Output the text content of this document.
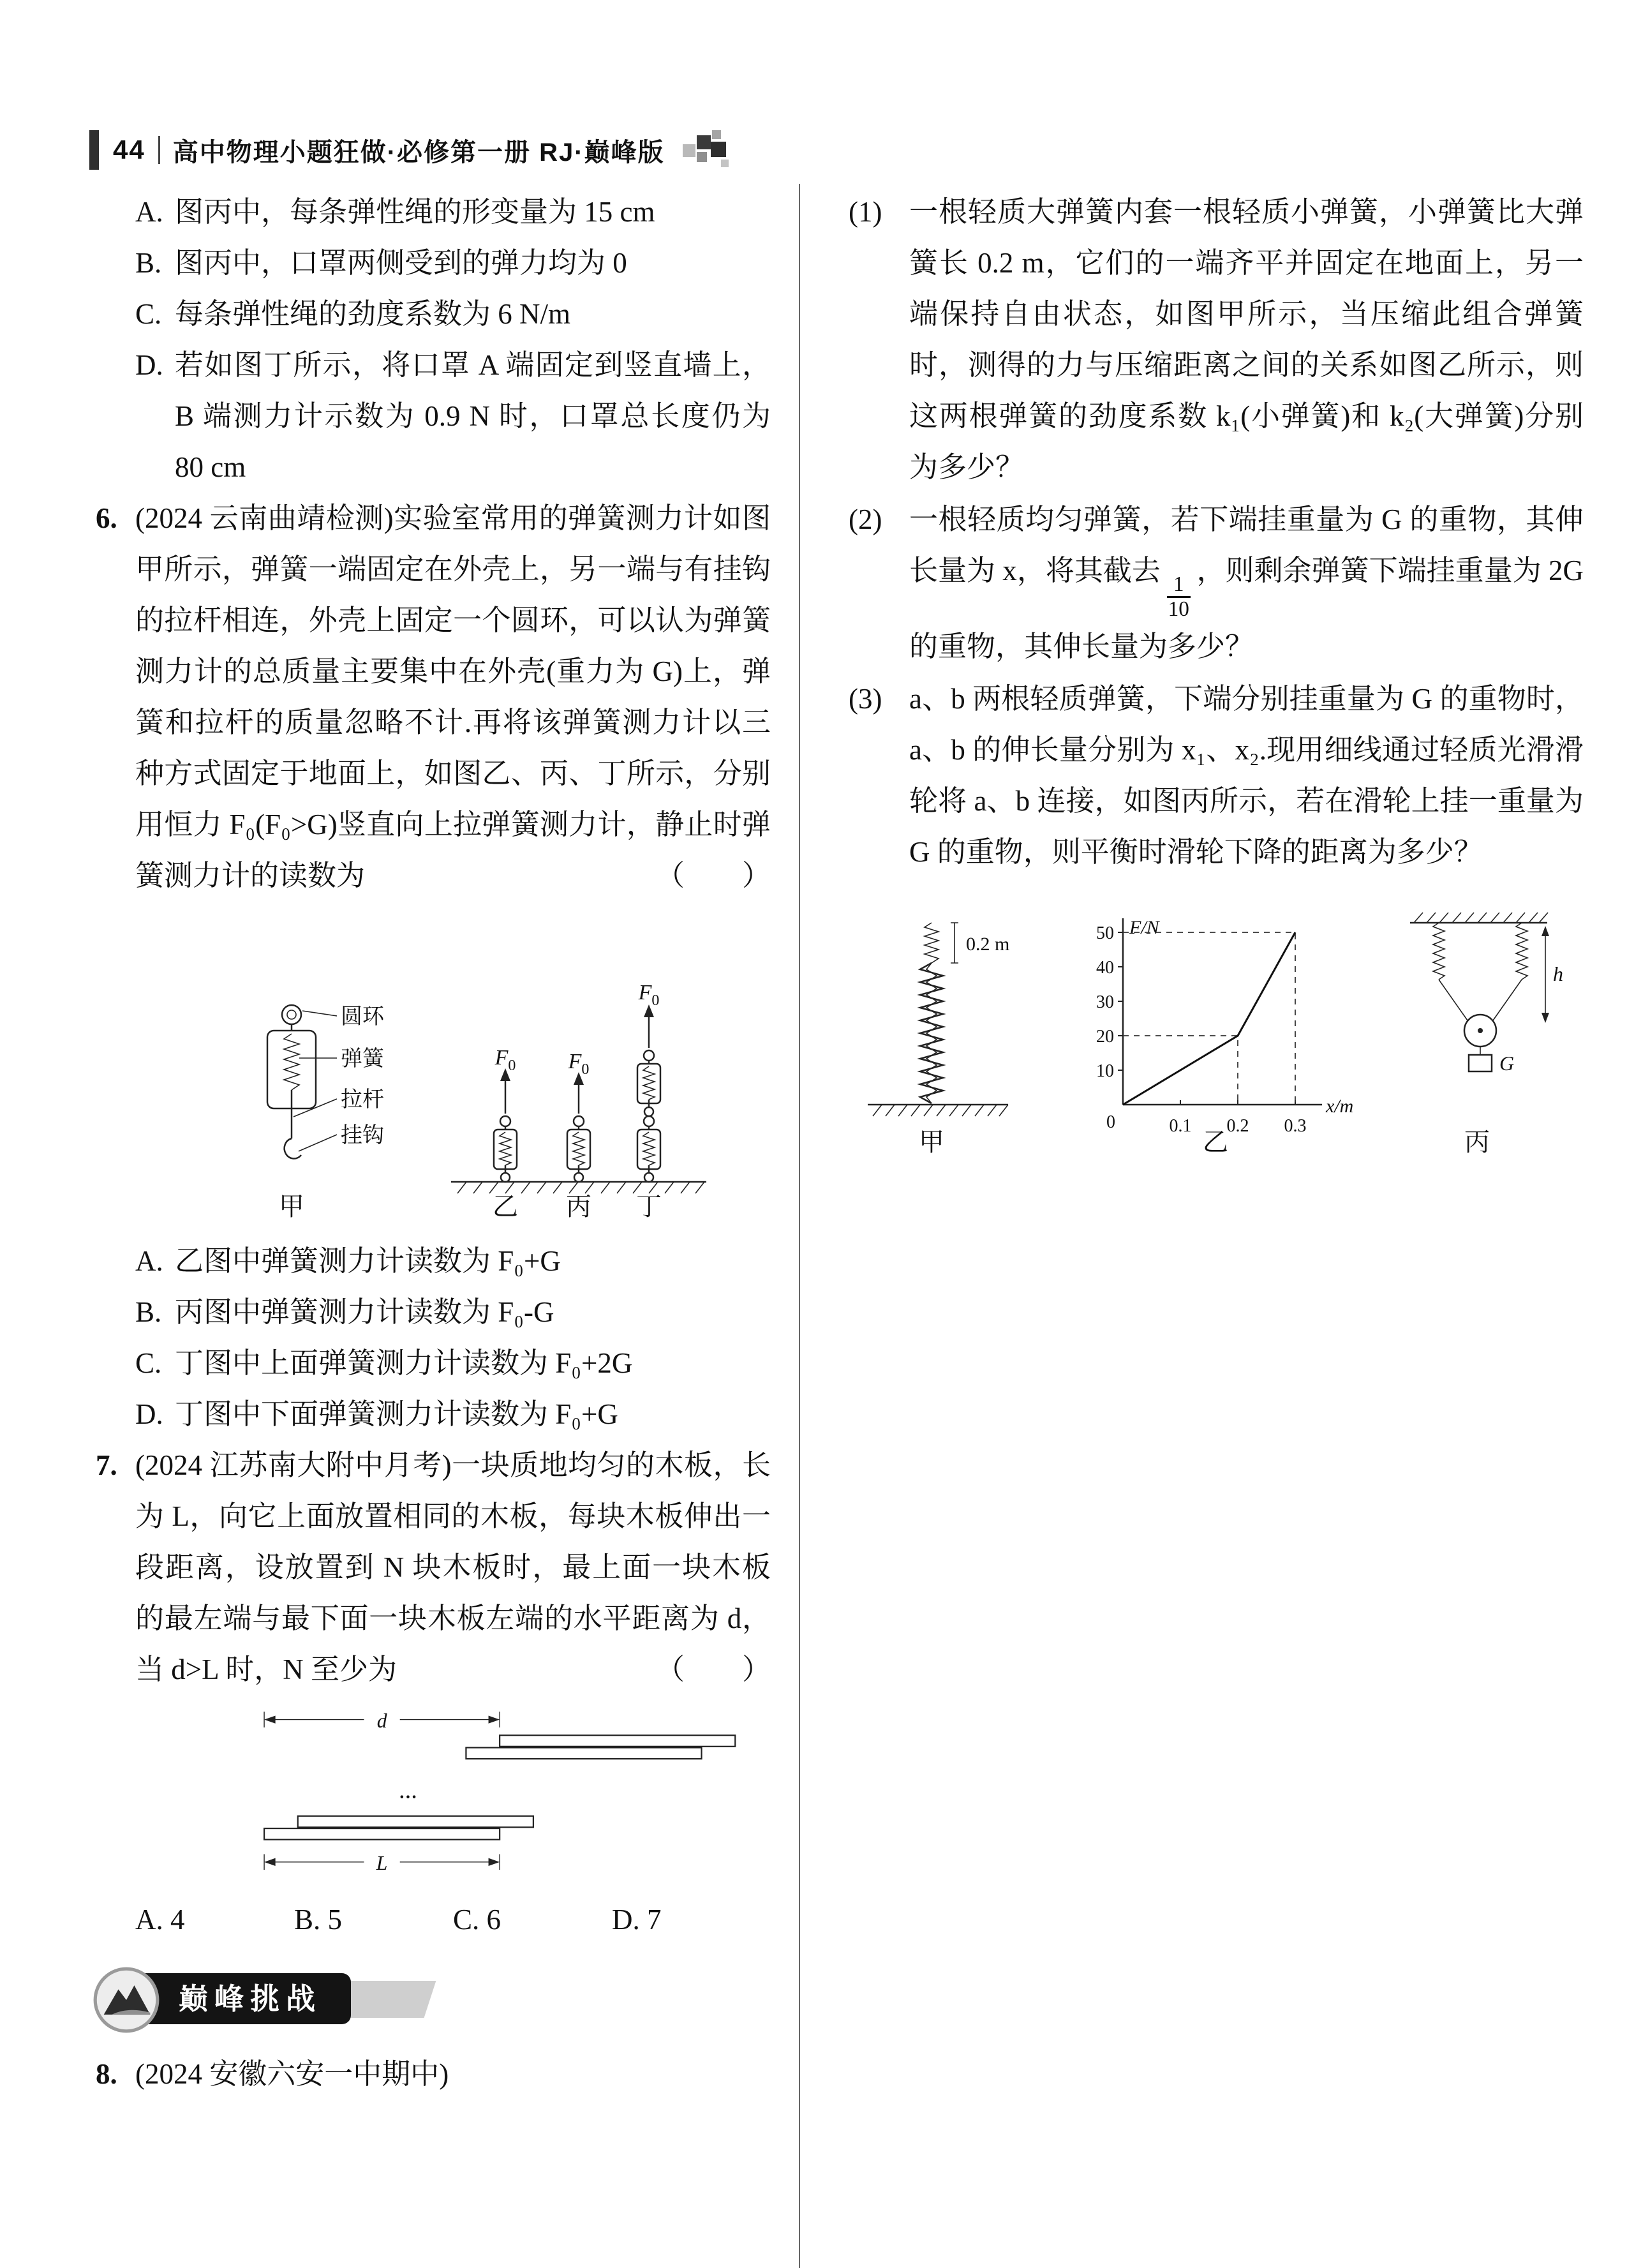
44 高中物理小题狂做·必修第一册 RJ·巅峰版
A. 图丙中，每条弹性绳的形变量为 15 cm
B. 图丙中，口罩两侧受到的弹力均为 0
C. 每条弹性绳的劲度系数为 6 N/m
D. 若如图丁所示，将口罩 A 端固定到竖直墙上，B 端测力计示数为 0.9 N 时，口罩总长度仍为 80 cm
6. (2024 云南曲靖检测)实验室常用的弹簧测力计如图甲所示，弹簧一端固定在外壳上，另一端与有挂钩的拉杆相连，外壳上固定一个圆环，可以认为弹簧测力计的总质量主要集中在外壳(重力为 G)上，弹簧和拉杆的质量忽略不计.再将该弹簧测力计以三种方式固定于地面上，如图乙、丙、丁所示，分别用恒力 F₀(F₀>G)竖直向上拉弹簧测力计，静止时弹簧测力计的读数为	（　　）
圆环
弹簧
拉杆
挂钩
甲
$F_0$
乙
$F_0$
丙
$F_0$
丁
A. 乙图中弹簧测力计读数为 F₀+G
B. 丙图中弹簧测力计读数为 F₀-G
C. 丁图中上面弹簧测力计读数为 F₀+2G
D. 丁图中下面弹簧测力计读数为 F₀+G
7. (2024 江苏南大附中月考)一块质地均匀的木板，长为 L，向它上面放置相同的木板，每块木板伸出一段距离，设放置到 N 块木板时，最上面一块木板的最左端与最下面一块木板左端的水平距离为 d，当 d>L 时，N 至少为	（　　）
d
...
L
A. 4	B. 5	C. 6	D. 7
巅峰挑战
8. (2024 安徽六安一中期中)
(1) 一根轻质大弹簧内套一根轻质小弹簧，小弹簧比大弹簧长 0.2 m，它们的一端齐平并固定在地面上，另一端保持自由状态，如图甲所示，当压缩此组合弹簧时，测得的力与压缩距离之间的关系如图乙所示，则这两根弹簧的劲度系数 k₁(小弹簧)和 k₂(大弹簧)分别为多少？
(2) 一根轻质均匀弹簧，若下端挂重量为 G 的重物，其伸长量为 x，将其截去
$\frac{1}{10}$
，则剩余弹簧下端挂重量为 2G 的重物，其伸长量为多少？
(3) a、b 两根轻质弹簧，下端分别挂重量为 G 的重物时，a、b 的伸长量分别为 x₁、x₂.现用细线通过轻质光滑滑轮将 a、b 连接，如图丙所示，若在滑轮上挂一重量为 G 的重物，则平衡时滑轮下降的距离为多少？
0.2 m
甲
F/N
x/m
0
10
20
30
40
50
0.1 0.2 0.3
乙
G
h
丙
